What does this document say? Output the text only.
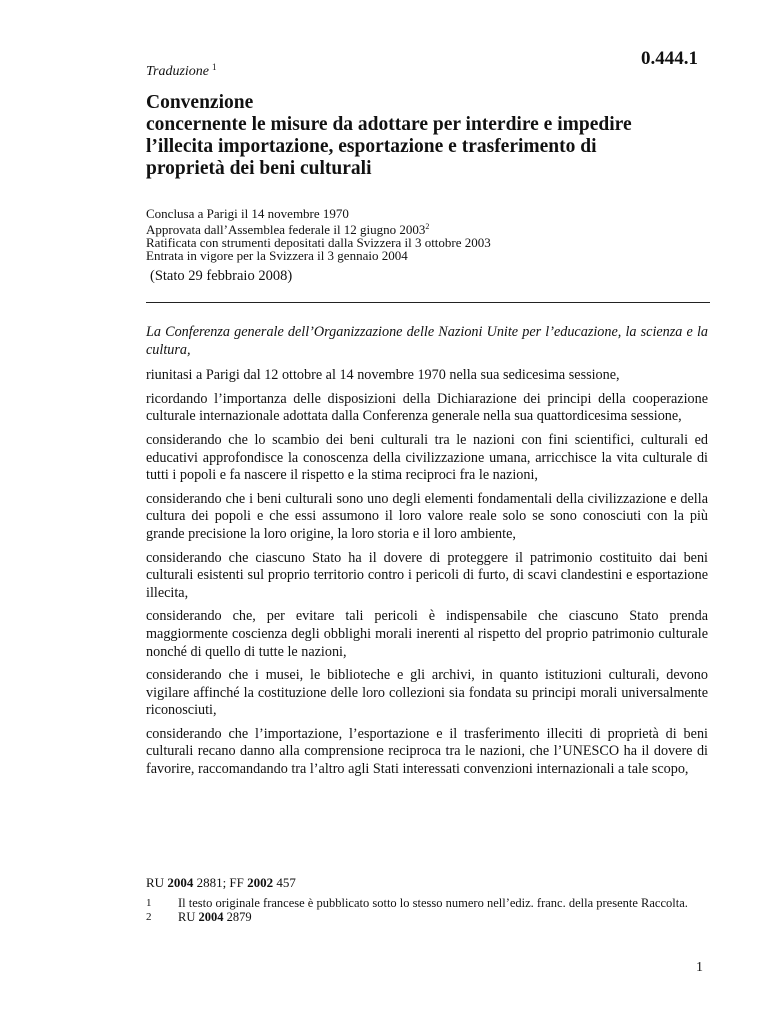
0.444.1
Traduzione $^1$
Convenzione
concernente le misure da adottare per interdire e impedire
l’illecita importazione, esportazione e trasferimento di
proprietà dei beni culturali
Conclusa a Parigi il 14 novembre 1970
Approvata dall’Assemblea federale il 12 giugno 2003$^2$
Ratificata con strumenti depositati dalla Svizzera il 3 ottobre 2003
Entrata in vigore per la Svizzera il 3 gennaio 2004
(Stato 29 febbraio 2008)

La Conferenza generale dell’Organizzazione delle Nazioni Unite per l’educazione, la scienza e la cultura,

riunitasi a Parigi dal 12 ottobre al 14 novembre 1970 nella sua sedicesima sessione,

ricordando l’importanza delle disposizioni della Dichiarazione dei principi della cooperazione culturale internazionale adottata dalla Conferenza generale nella sua quattordicesima sessione,

considerando che lo scambio dei beni culturali tra le nazioni con fini scientifici, culturali ed educativi approfondisce la conoscenza della civilizzazione umana, arricchisce la vita culturale di tutti i popoli e fa nascere il rispetto e la stima reciproci fra le nazioni,

considerando che i beni culturali sono uno degli elementi fondamentali della civilizzazione e della cultura dei popoli e che essi assumono il loro valore reale solo se sono conosciuti con la più grande precisione la loro origine, la loro storia e il loro ambiente,

considerando che ciascuno Stato ha il dovere di proteggere il patrimonio costituito dai beni culturali esistenti sul proprio territorio contro i pericoli di furto, di scavi clandestini e esportazione illecita,

considerando che, per evitare tali pericoli è indispensabile che ciascuno Stato prenda maggiormente coscienza degli obblighi morali inerenti al rispetto del proprio patrimonio culturale nonché di quello di tutte le nazioni,

considerando che i musei, le biblioteche e gli archivi, in quanto istituzioni culturali, devono vigilare affinché la costituzione delle loro collezioni sia fondata su principi morali universalmente riconosciuti,

considerando che l’importazione, l’esportazione e il trasferimento illeciti di proprietà di beni culturali recano danno alla comprensione reciproca tra le nazioni, che l’UNESCO ha il dovere di favorire, raccomandando tra l’altro agli Stati interessati convenzioni internazionali a tale scopo,

RU 2004 2881; FF 2002 457
1	Il testo originale francese è pubblicato sotto lo stesso numero nell’ediz. franc. della presente Raccolta.
2	RU 2004 2879
1
